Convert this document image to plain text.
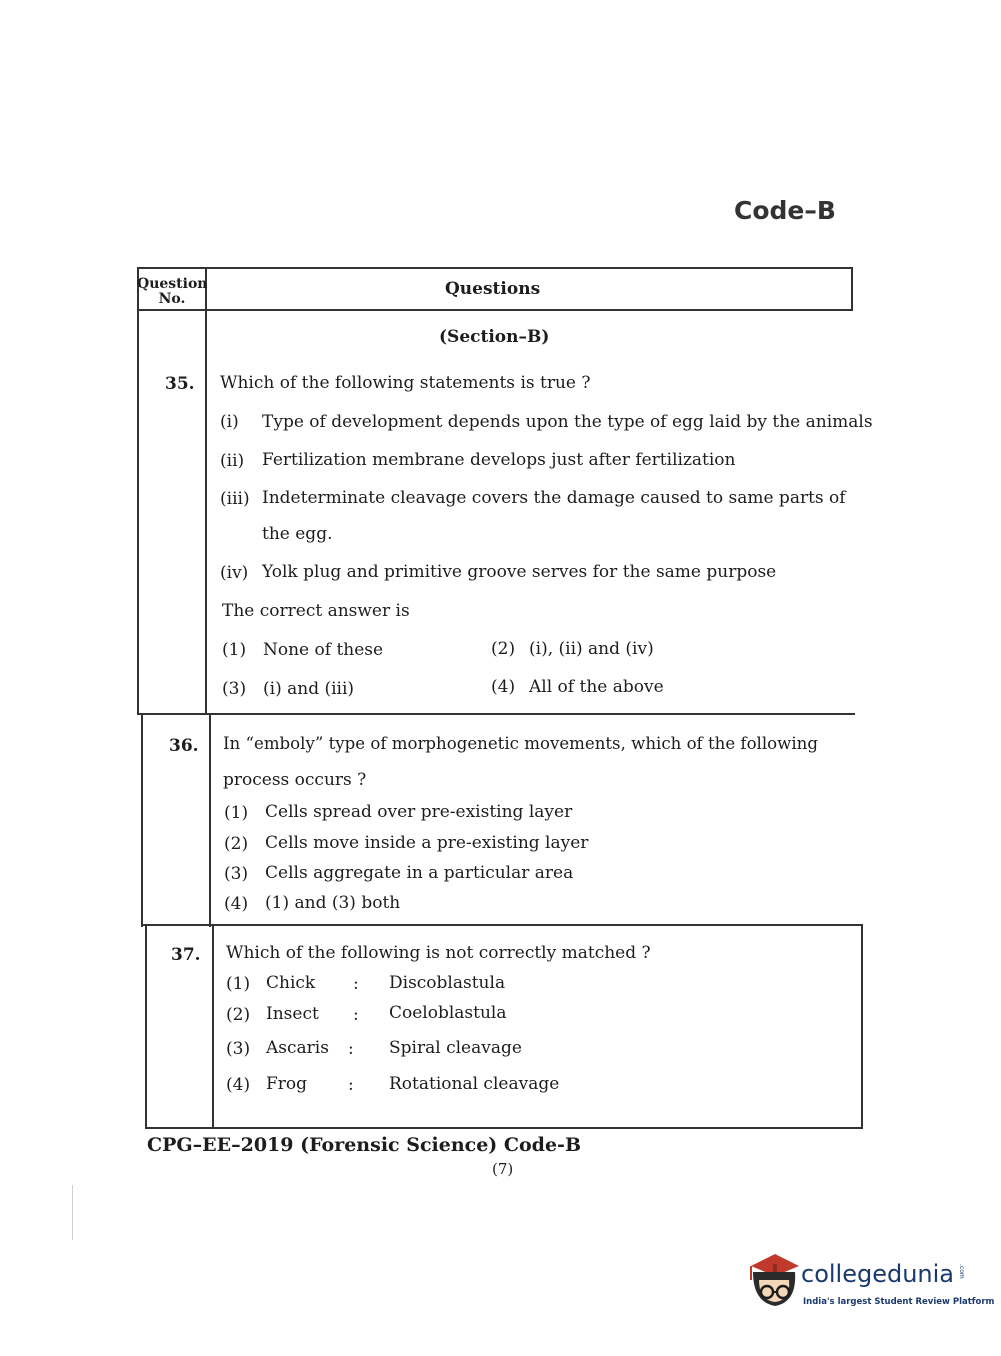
Code–B
Question No.	Questions
(Section–B)
35. Which of the following statements is true ?
(i) Type of development depends upon the type of egg laid by the animals
(ii) Fertilization membrane develops just after fertilization
(iii) Indeterminate cleavage covers the damage caused to same parts of
the egg.
(iv) Yolk plug and primitive groove serves for the same purpose
The correct answer is
(1) None of these	(2) (i), (ii) and (iv)
(3) (i) and (iii)	(4) All of the above
36. In “emboly” type of morphogenetic movements, which of the following
process occurs ?
(1) Cells spread over pre-existing layer
(2) Cells move inside a pre-existing layer
(3) Cells aggregate in a particular area
(4) (1) and (3) both
37. Which of the following is not correctly matched ?
(1) Chick : Discoblastula
(2) Insect : Coeloblastula
(3) Ascaris : Spiral cleavage
(4) Frog : Rotational cleavage
CPG–EE–2019 (Forensic Science) Code-B
(7)
collegedunia .com
India's largest Student Review Platform
